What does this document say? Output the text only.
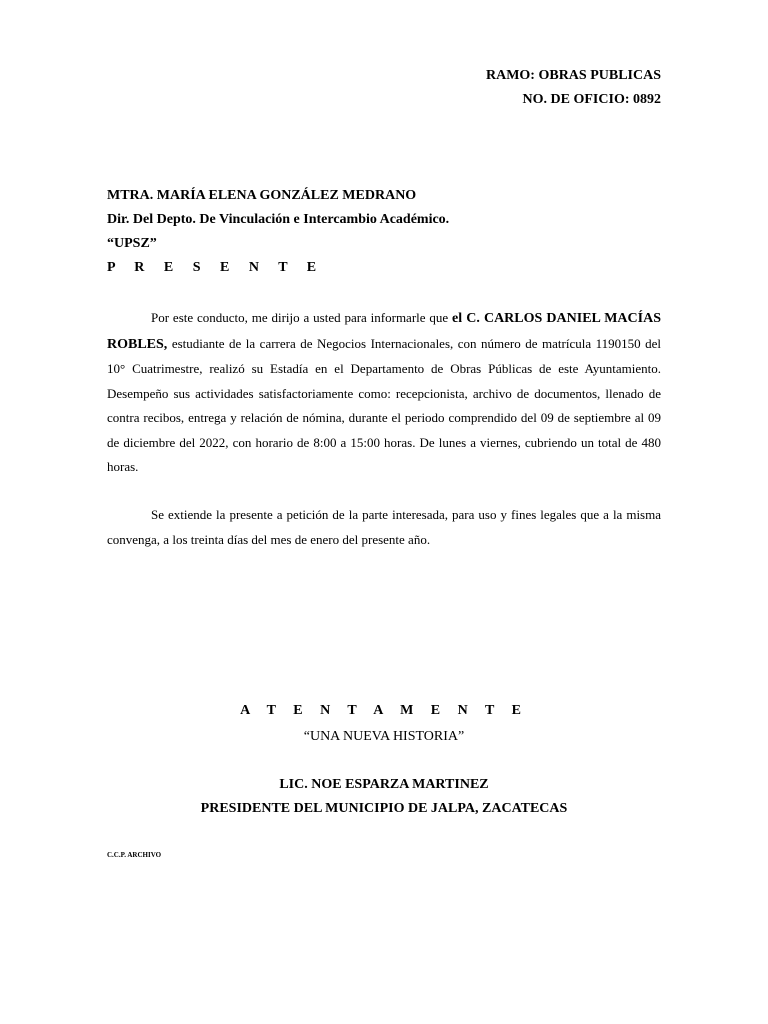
RAMO: OBRAS PUBLICAS
NO. DE OFICIO: 0892
MTRA. MARÍA ELENA GONZÁLEZ MEDRANO
Dir. Del Depto. De Vinculación e Intercambio Académico.
“UPSZ”
P R E S E N T E
Por este conducto, me dirijo a usted para informarle que el C. CARLOS DANIEL MACÍAS ROBLES, estudiante de la carrera de Negocios Internacionales, con número de matrícula 1190150 del 10° Cuatrimestre, realizó su Estadía en el Departamento de Obras Públicas de este Ayuntamiento. Desempeño sus actividades satisfactoriamente como: recepcionista, archivo de documentos, llenado de contra recibos, entrega y relación de nómina, durante el periodo comprendido del 09 de septiembre al 09 de diciembre del 2022, con horario de 8:00 a 15:00 horas. De lunes a viernes, cubriendo un total de 480 horas.
Se extiende la presente a petición de la parte interesada, para uso y fines legales que a la misma convenga, a los treinta días del mes de enero del presente año.
A T E N T A M E N T E
“UNA NUEVA HISTORIA”
LIC. NOE ESPARZA MARTINEZ
PRESIDENTE DEL MUNICIPIO DE JALPA, ZACATECAS
C.C.P. ARCHIVO
